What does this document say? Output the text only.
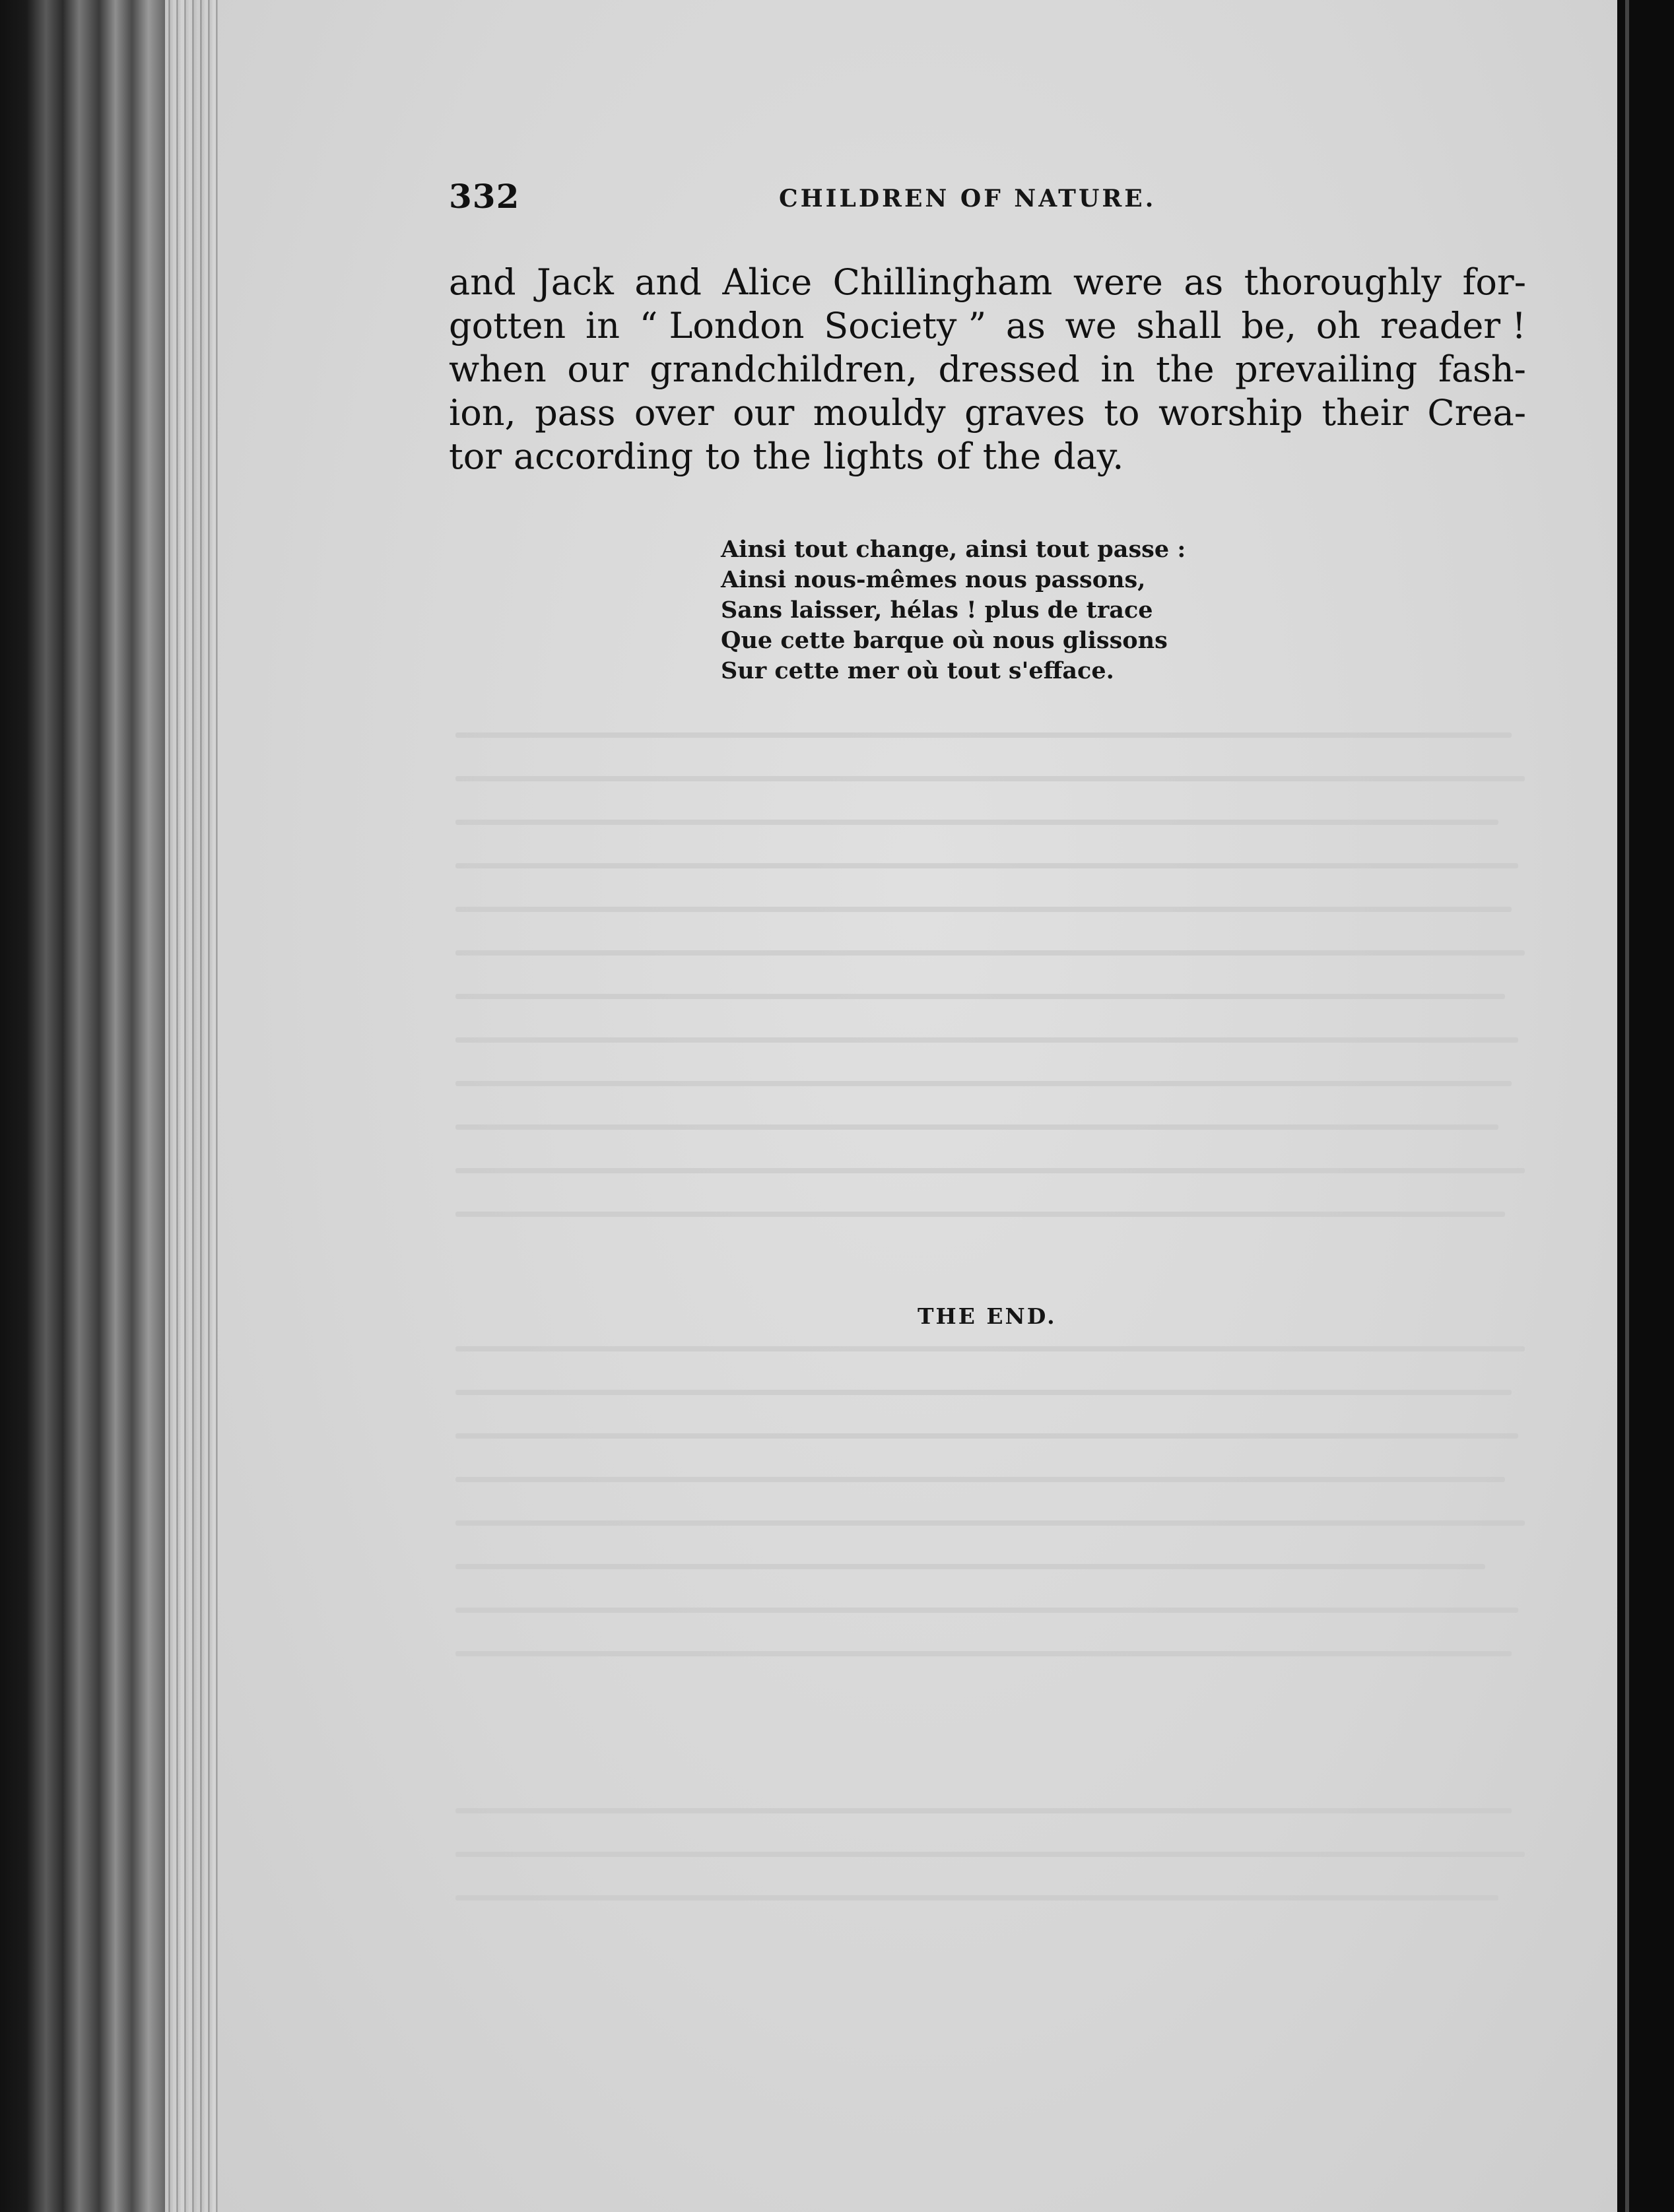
332	CHILDREN OF NATURE.
and Jack and Alice Chillingham were as thoroughly for-
gotten in “ London Society ” as we shall be, oh reader !
when our grandchildren, dressed in the prevailing fash-
ion, pass over our mouldy graves to worship their Crea-
tor according to the lights of the day.
Ainsi tout change, ainsi tout passe :
Ainsi nous-mêmes nous passons,
Sans laisser, hélas ! plus de trace
Que cette barque où nous glissons
Sur cette mer où tout s'efface.
THE END.
